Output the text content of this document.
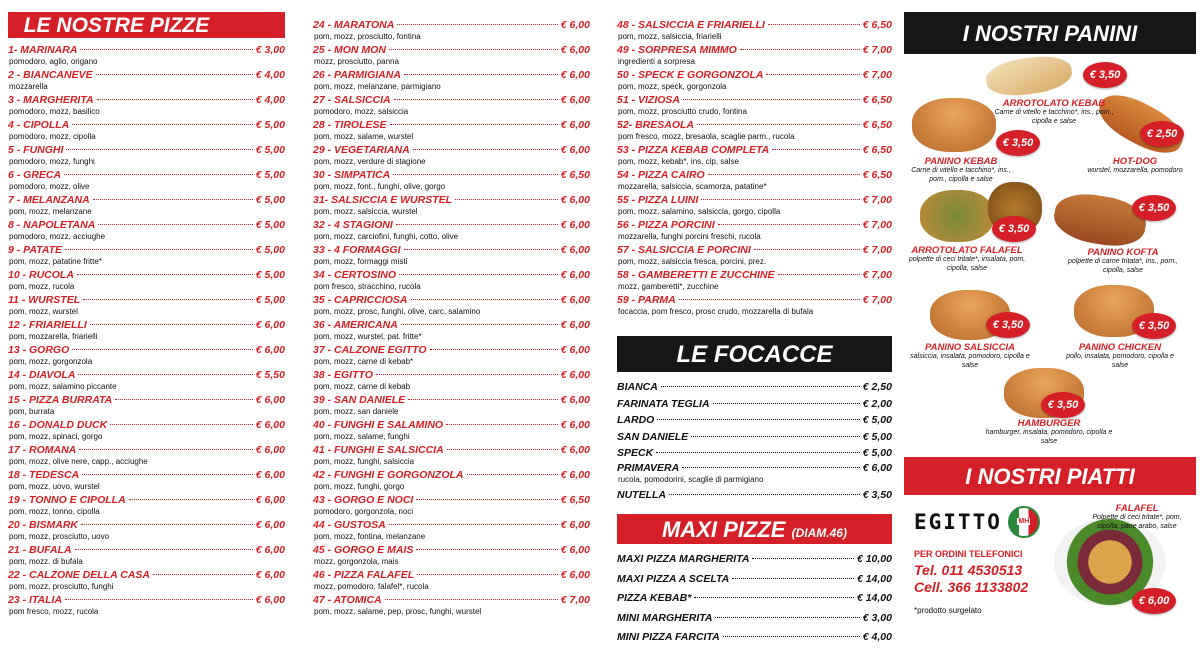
LE NOSTRE PIZZE
1- MARINARA	€ 3,00
pomodoro, aglio, origano
2 - BIANCANEVE	€ 4,00
mozzarella
3 - MARGHERITA	€ 4,00
pomodoro, mozz, basilico
4 - CIPOLLA	€ 5,00
pomodoro, mozz, cipolla
5 - FUNGHI	€ 5,00
pomodoro, mozz, funghi
6 - GRECA	€ 5,00
pomodoro, mozz, olive
7 - MELANZANA	€ 5,00
pom, mozz, melanzane
8 - NAPOLETANA	€ 5,00
pomodoro, mozz, acciughe
9 - PATATE	€ 5,00
pom, mozz, patatine fritte*
10 - RUCOLA	€ 5,00
pom, mozz, rucola
11 - WURSTEL	€ 5,00
pom, mozz, wurstel
12 - FRIARIELLI	€ 6,00
pom, mozzarella, friarielli
13 - GORGO	€ 6,00
pom, mozz, gorgonzola
14 - DIAVOLA	€ 5,50
pom, mozz, salamino piccante
15 - PIZZA BURRATA	€ 6,00
pom, burrata
16 - DONALD DUCK	€ 6,00
pom, mozz, spinaci, gorgo
17 - ROMANA	€ 6,00
pom, mozz, olive nere, capp., acciughe
18 - TEDESCA	€ 6,00
pom, mozz, uovo, wurstel
19 - TONNO E CIPOLLA	€ 6,00
pom, mozz, tonno, cipolla
20 - BISMARK	€ 6,00
pom, mozz, prosciutto, uovo
21 - BUFALA	€ 6,00
pom, mozz. di bufala
22 - CALZONE DELLA CASA	€ 6,00
pom, mozz, prosciutto, funghi
23 - ITALIA	€ 6,00
pom fresco, mozz, rucola
24 - MARATONA	€ 6,00
pom, mozz, prosciutto, fontina
25 - MON MON	€ 6,00
mozz, prosciutto, panna
26 - PARMIGIANA	€ 6,00
pom, mozz, melanzane, parmigiano
27 - SALSICCIA	€ 6,00
pomodoro, mozz, salsiccia
28 - TIROLESE	€ 6,00
pom, mozz, salame, wurstel
29 - VEGETARIANA	€ 6,00
pom, mozz, verdure di stagione
30 - SIMPATICA	€ 6,50
pom, mozz, font., funghi, olive, gorgo
31- SALSICCIA E WURSTEL	€ 6,00
pom, mozz, salsiccia, wurstel
32 - 4 STAGIONI	€ 6,00
pom, mozz, carciofini, funghi, cotto, olive
33 - 4 FORMAGGI	€ 6,00
pom, mozz, formaggi misti
34 - CERTOSINO	€ 6,00
pom fresco, stracchino, rucola
35 - CAPRICCIOSA	€ 6,00
pom, mozz, prosc, funghi, olive, carc, salamino
36 - AMERICANA	€ 6,00
pom, mozz, wurstel, pat. fritte*
37 - CALZONE EGITTO	€ 6,00
pom, mozz, carne di kebab*
38 - EGITTO	€ 6,00
pom, mozz, carne di kebab
39 - SAN DANIELE	€ 6,00
pom, mozz, san daniele
40 - FUNGHI E SALAMINO	€ 6,00
pom, mozz, salame, funghi
41 - FUNGHI E SALSICCIA	€ 6,00
pom, mozz, funghi, salsiccia
42 - FUNGHI E GORGONZOLA	€ 6,00
pom, mozz, funghi, gorgo
43 - GORGO E NOCI	€ 6,50
pomodoro, gorgonzola, noci
44 - GUSTOSA	€ 6,00
pom, mozz, fontina, melanzane
45 - GORGO E MAIS	€ 6,00
mozz, gorgonzola, mais
46 - PIZZA FALAFEL	€ 6,00
mozz, pomodoro, falafel*, rucola
47 - ATOMICA	€ 7,00
pom, mozz, salame, pep, prosc, funghi, wurstel
48 - SALSICCIA E FRIARIELLI	€ 6,50
pom, mozz, salsiccia, friarielli
49 - SORPRESA MIMMO	€ 7,00
ingredienti a sorpresa
50 - SPECK E GORGONZOLA	€ 7,00
pom, mozz, speck, gorgonzola
51 - VIZIOSA	€ 6,50
pom, mozz, prosciutto crudo, fontina
52- BRESAOLA	€ 6,50
pom fresco, mozz, bresaola, scaglie parm., rucola
53 - PIZZA KEBAB COMPLETA	€ 6,50
pom, mozz, kebab*, ins, cip, salse
54 - PIZZA CAIRO	€ 6,50
mozzarella, salsiccia, scamorza, patatine*
55 - PIZZA LUINI	€ 7,00
pom, mozz, salamino, salsiccia, gorgo, cipolla
56 - PIZZA PORCINI	€ 7,00
mozzarella, funghi porcini freschi, rucola
57 - SALSICCIA E PORCINI	€ 7,00
pom, mozz, salsiccia fresca, porcini, prez.
58 - GAMBERETTI E ZUCCHINE	€ 7,00
mozz, gamberetti*, zucchine
59 - PARMA	€ 7,00
focaccia, pom fresco, prosc crudo, mozzarella di bufala
LE FOCACCE
BIANCA	€ 2,50
FARINATA TEGLIA	€ 2,00
LARDO	€ 5,00
SAN DANIELE	€ 5,00
SPECK	€ 5,00
PRIMAVERA	€ 6,00
rucola, pomodorini, scaglie di parmigiano
NUTELLA	€ 3,50
MAXI PIZZE (DIAM.46)
MAXI PIZZA MARGHERITA	€ 10,00
MAXI PIZZA A SCELTA	€ 14,00
PIZZA KEBAB*	€ 14,00
MINI MARGHERITA	€ 3,00
MINI PIZZA FARCITA	€ 4,00
I NOSTRI PANINI
€ 3,50
€ 3,50
€ 2,50
€ 3,50
€ 3,50
€ 3,50	€ 3,50
€ 3,50
ARROTOLATO KEBAB
Carne di vitello e tacchino*, ins., pom., cipolla e salse
PANINO KEBAB
Carne di vitello e tacchino*, ins., pom., cipolla e salse
HOT-DOG
wurstel, mozzarella, pomodoro
ARROTOLATO FALAFEL
polpette di ceci tritate*, insalata, pom, cipolla, salse
PANINO KOFTA
polpette di carne tritata*, ins., pom., cipolla, salse
PANINO SALSICCIA
salsiccia, insalata, pomodoro, cipolla e salse
PANINO CHICKEN
pollo, insalata, pomodoro, cipolla e salse
HAMBURGER
hamburger, insalata, pomodoro, cipolla e salse
I NOSTRI PIATTI
EGITTO	MH
PER ORDINI TELEFONICI
Tel. 011 4530513
Cell. 366 1133802
*prodotto surgelato
FALAFEL
Polpette di ceci tritate*, pom, cipolla, pane arabo, salse
€ 6,00
